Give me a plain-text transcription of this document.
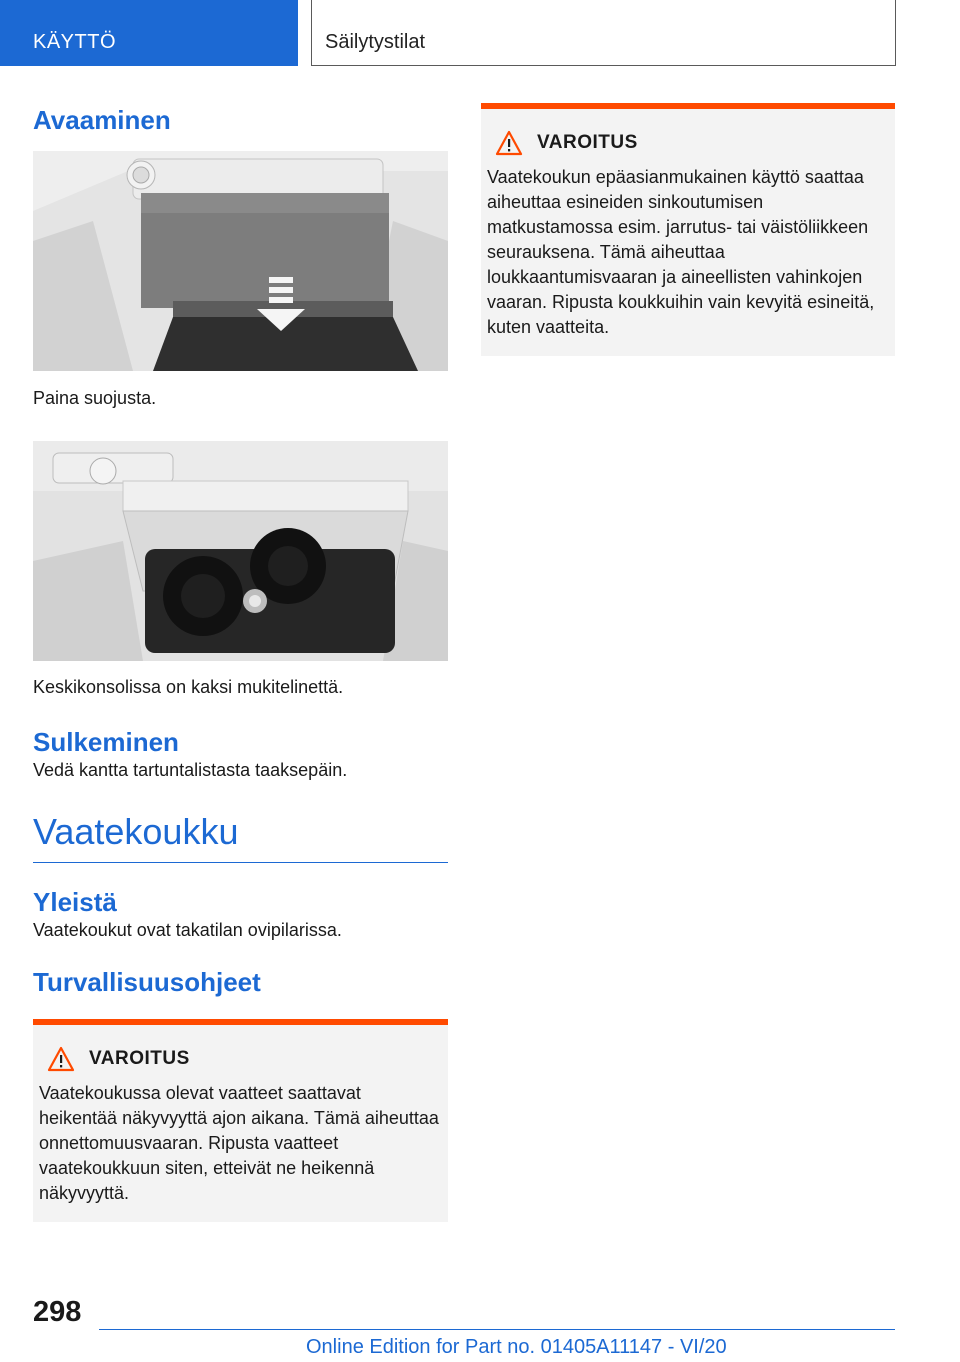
KÄYTTÖ	Säilytystilat
Avaaminen

Paina suojusta.

Keskikonsolissa on kaksi mukitelinettä.

Sulkeminen

Vedä kantta tartuntalistasta taaksepäin.

Vaatekoukku
Yleistä

Vaatekoukut ovat takatilan ovipilarissa.

Turvallisuusohjeet
VAROITUS

Vaatekoukussa olevat vaatteet saattavat heikentää näkyvyyttä ajon aikana. Tämä aiheuttaa onnettomuusvaaran. Ripusta vaatteet vaatekoukkuun siten, etteivät ne heikennä näkyvyyttä.

VAROITUS

Vaatekoukun epäasianmukainen käyttö saattaa aiheuttaa esineiden sinkoutumisen matkustamossa esim. jarrutus- tai väistöliikkeen seurauksena. Tämä aiheuttaa loukkaantumisvaaran ja aineellisten vahinkojen vaaran. Ripusta koukkuihin vain kevyitä esineitä, kuten vaatteita.

298
Online Edition for Part no. 01405A11147 - VI/20
